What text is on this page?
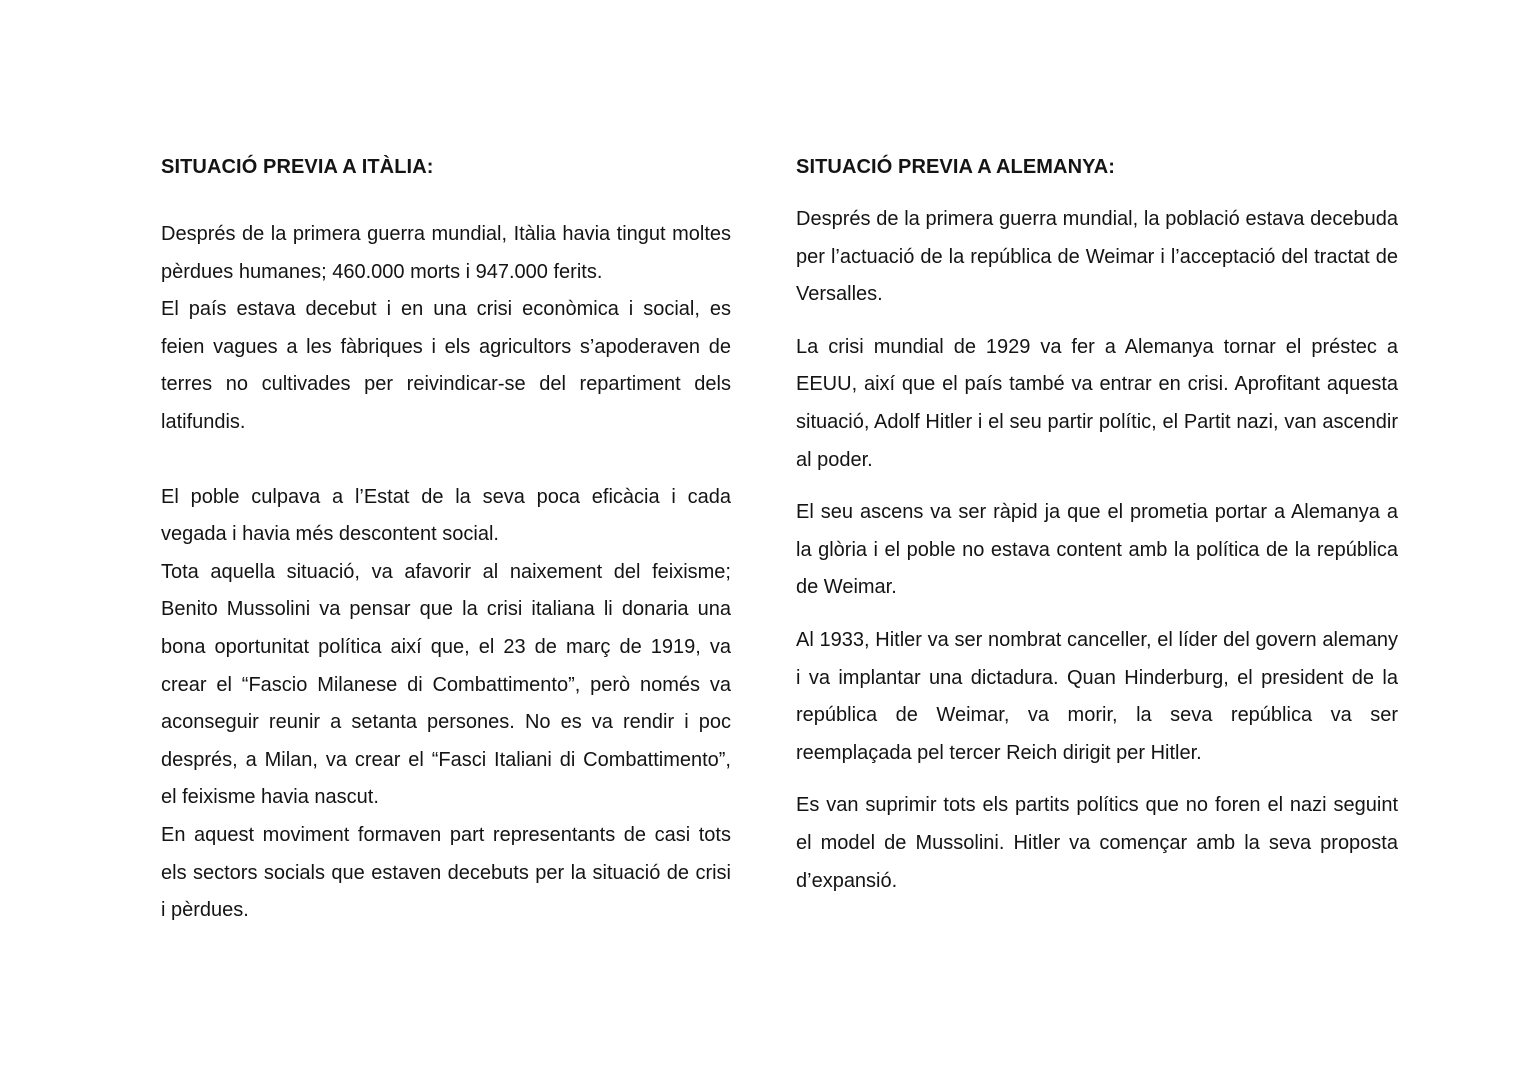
SITUACIÓ PREVIA A ITÀLIA:

Després de la primera guerra mundial, Itàlia havia tingut moltes pèrdues humanes; 460.000 morts i 947.000 ferits.

El país estava decebut i en una crisi econòmica i social, es feien vagues a les fàbriques i els agricultors s’apoderaven de terres no cultivades per reivindicar-se del repartiment dels latifundis.

El poble culpava a l’Estat de la seva poca eficàcia i cada vegada i havia més descontent social.

Tota aquella situació, va afavorir al naixement del feixisme; Benito Mussolini va pensar que la crisi italiana li donaria una bona oportunitat política així que, el 23 de març de 1919, va crear el “Fascio Milanese di Combattimento”, però només va aconseguir reunir a setanta persones. No es va rendir i poc després, a Milan, va crear el “Fasci Italiani di Combattimento”, el feixisme havia nascut.

En aquest moviment formaven part representants de casi tots els sectors socials que estaven decebuts per la situació de crisi i pèrdues.

SITUACIÓ PREVIA A ALEMANYA:

Després de la primera guerra mundial, la població estava decebuda per l’actuació de la república de Weimar i l’acceptació del tractat de Versalles.

La crisi mundial de 1929 va fer a Alemanya tornar el préstec a EEUU, així que el país també va entrar en crisi. Aprofitant aquesta situació, Adolf Hitler i el seu partir polític, el Partit nazi, van ascendir al poder.

El seu ascens va ser ràpid ja que el prometia portar a Alemanya a la glòria i el poble no estava content amb la política de la república de Weimar.

Al 1933, Hitler va ser nombrat canceller, el líder del govern alemany i va implantar una dictadura. Quan Hinderburg, el president de la república de Weimar, va morir, la seva república va ser reemplaçada pel tercer Reich dirigit per Hitler.

Es van suprimir tots els partits polítics que no foren el nazi seguint el model de Mussolini. Hitler va començar amb la seva proposta d’expansió.
